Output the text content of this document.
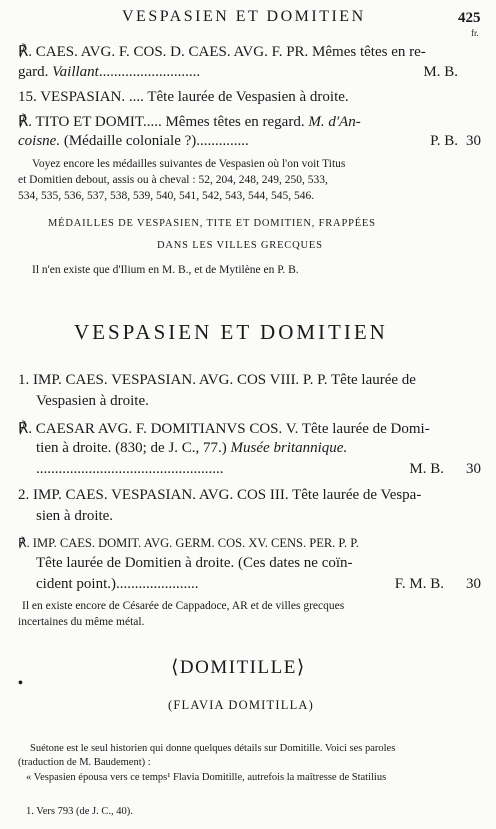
VESPASIEN ET DOMITIEN	425
fr.
℟. CAES. AVG. F. COS. D. CAES. AVG. F. PR. Mêmes têtes en re-
gard. Vaillant...........................	M. B.
15. VESPASIAN. .... Tête laurée de Vespasien à droite.
℟. TITO ET DOMIT..... Mêmes têtes en regard. M. d'An-
coisne. (Médaille coloniale ?)..............	P. B. 30
Voyez encore les médailles suivantes de Vespasien où l'on voit Titus
et Domitien debout, assis ou à cheval : 52, 204, 248, 249, 250, 533,
534, 535, 536, 537, 538, 539, 540, 541, 542, 543, 544, 545, 546.
MÉDAILLES DE VESPASIEN, TITE ET DOMITIEN, FRAPPÉES
DANS LES VILLES GRECQUES
Il n'en existe que d'Ilium en M. B., et de Mytilène en P. B.
VESPASIEN ET DOMITIEN
1. IMP. CAES. VESPASIAN. AVG. COS VIII. P. P. Tête laurée de
Vespasien à droite.
℟. CAESAR AVG. F. DOMITIANVS COS. V. Tête laurée de Domi-
tien à droite. (830; de J. C., 77.) Musée britannique.
..................................................	M. B. 30
2. IMP. CAES. VESPASIAN. AVG. COS III. Tête laurée de Vespa-
sien à droite.
℟. IMP. CAES. DOMIT. AVG. GERM. COS. XV. CENS. PER. P. P.
Tête laurée de Domitien à droite. (Ces dates ne coïn-
cident point.)......................	F. M. B. 30
Il en existe encore de Césarée de Cappadoce, AR et de villes grecques
incertaines du même métal.
⟨DOMITILLE⟩
•
(FLAVIA DOMITILLA)
Suétone est le seul historien qui donne quelques détails sur Domitille. Voici ses paroles
(traduction de M. Baudement) :
« Vespasien épousa vers ce temps¹ Flavia Domitille, autrefois la maîtresse de Statilius
1. Vers 793 (de J. C., 40).
